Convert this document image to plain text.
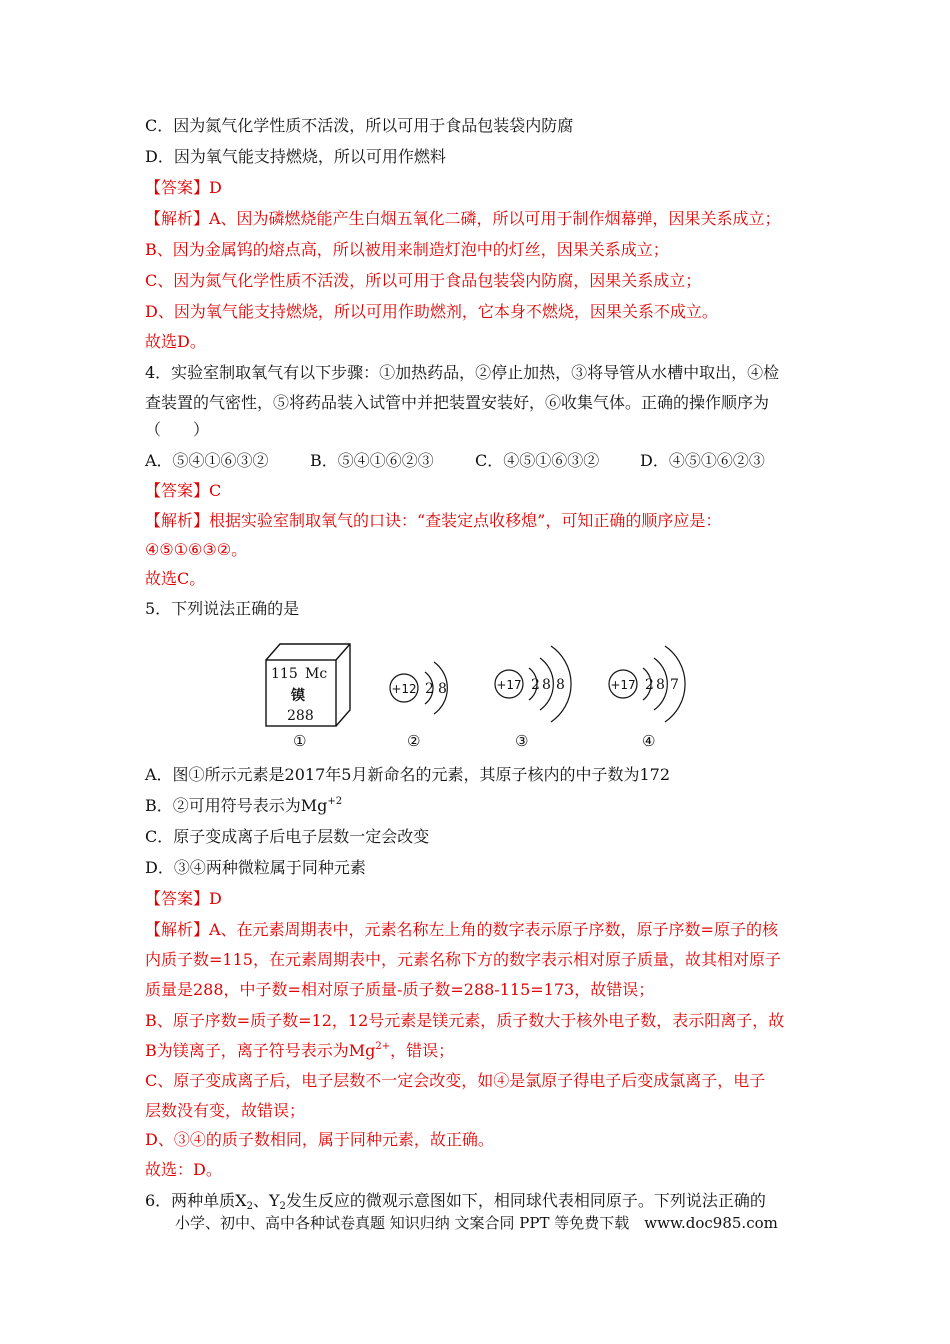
C．因为氮气化学性质不活泼，所以可用于食品包装袋内防腐
D．因为氧气能支持燃烧，所以可用作燃料
【答案】D
【解析】A、因为磷燃烧能产生白烟五氧化二磷，所以可用于制作烟幕弹，因果关系成立；
B、因为金属钨的熔点高，所以被用来制造灯泡中的灯丝，因果关系成立；
C、因为氮气化学性质不活泼，所以可用于食品包装袋内防腐，因果关系成立；
D、因为氧气能支持燃烧，所以可用作助燃剂，它本身不燃烧，因果关系不成立。
故选D。
4．实验室制取氧气有以下步骤：①加热药品，②停止加热，③将导管从水槽中取出，④检
查装置的气密性，⑤将药品装入试管中并把装置安装好，⑥收集气体。正确的操作顺序为
（　　）
A．⑤④①⑥③②	B．⑤④①⑥②③	C．④⑤①⑥③②	D．④⑤①⑥②③
【答案】C
【解析】根据实验室制取氧气的口诀：“查装定点收移熄”，可知正确的顺序应是：
④⑤①⑥③②。
故选C。
5．下列说法正确的是
115 Mc
镆
288
①
+12 2 8
②
+17 2 8 8
③
+17 2 8 7
④
A．图①所示元素是2017年5月新命名的元素，其原子核内的中子数为172
B．②可用符号表示为$Mg^{+2}$
C．原子变成离子后电子层数一定会改变
D．③④两种微粒属于同种元素
【答案】D
【解析】A、在元素周期表中，元素名称左上角的数字表示原子序数，原子序数=原子的核
内质子数=115，在元素周期表中，元素名称下方的数字表示相对原子质量，故其相对原子
质量是288，中子数=相对原子质量-质子数=288-115=173，故错误；
B、原子序数=质子数=12，12号元素是镁元素，质子数大于核外电子数，表示阳离子，故
B为镁离子，离子符号表示为$Mg^{2+}$，错误；
C、原子变成离子后，电子层数不一定会改变，如④是氯原子得电子后变成氯离子，电子
层数没有变，故错误；
D、③④的质子数相同，属于同种元素，故正确。
故选：D。
6．两种单质$X_2$、$Y_2$发生反应的微观示意图如下，相同球代表相同原子。下列说法正确的
小学、初中、高中各种试卷真题 知识归纳 文案合同 PPT 等免费下载　www.doc985.com
